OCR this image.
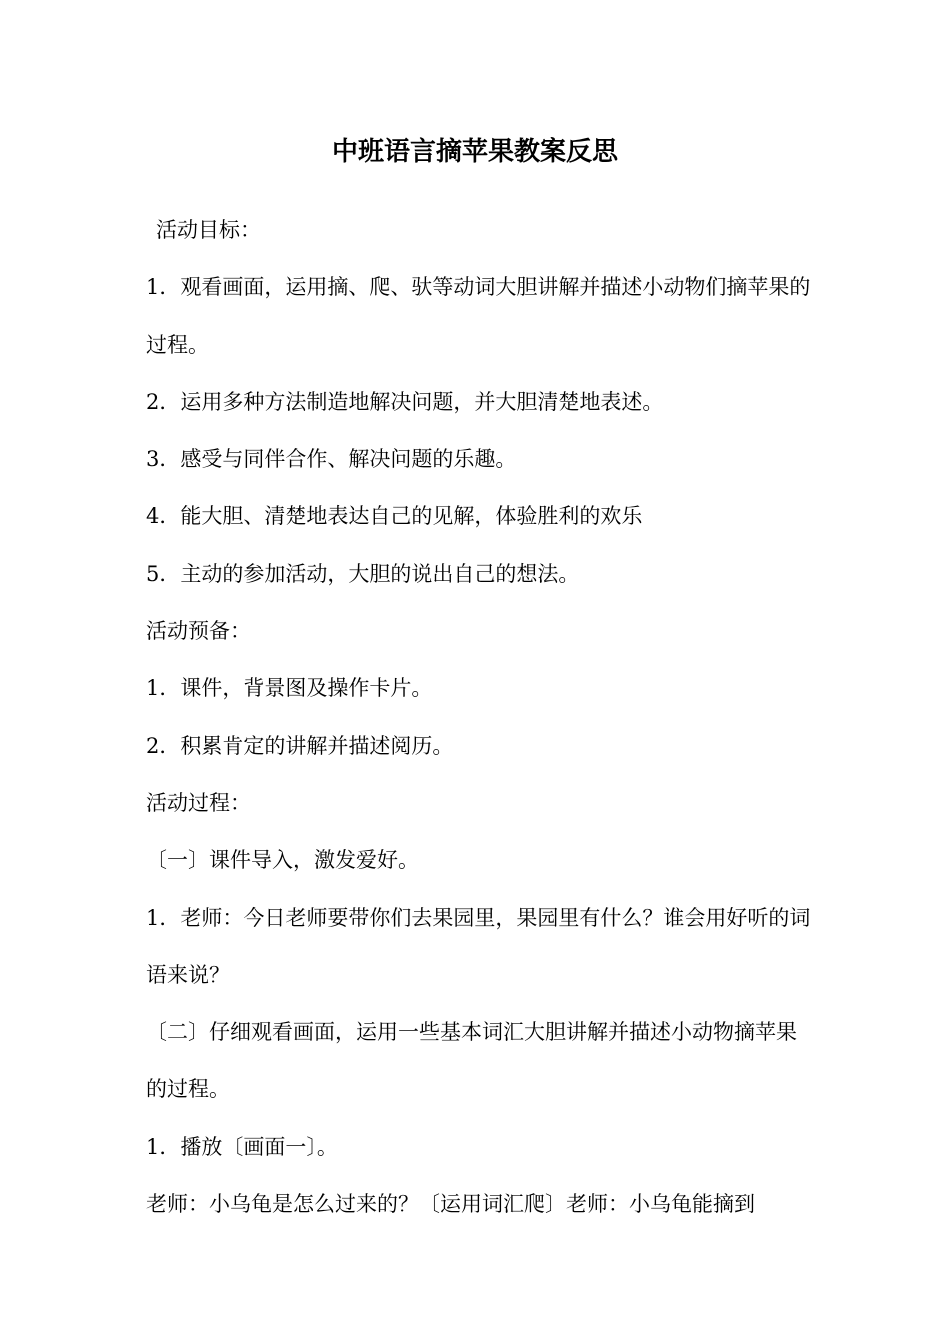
中班语言摘苹果教案反思

活动目标：

1．观看画面，运用摘、爬、驮等动词大胆讲解并描述小动物们摘苹果的过程。

2．运用多种方法制造地解决问题，并大胆清楚地表述。

3．感受与同伴合作、解决问题的乐趣。

4．能大胆、清楚地表达自己的见解，体验胜利的欢乐

5．主动的参加活动，大胆的说出自己的想法。

活动预备：

1．课件，背景图及操作卡片。

2．积累肯定的讲解并描述阅历。

活动过程：

〔一〕课件导入，激发爱好。

1．老师：今日老师要带你们去果园里，果园里有什么？谁会用好听的词语来说？

〔二〕仔细观看画面，运用一些基本词汇大胆讲解并描述小动物摘苹果的过程。

1．播放〔画面一〕。

老师：小乌龟是怎么过来的？〔运用词汇爬〕老师：小乌龟能摘到
